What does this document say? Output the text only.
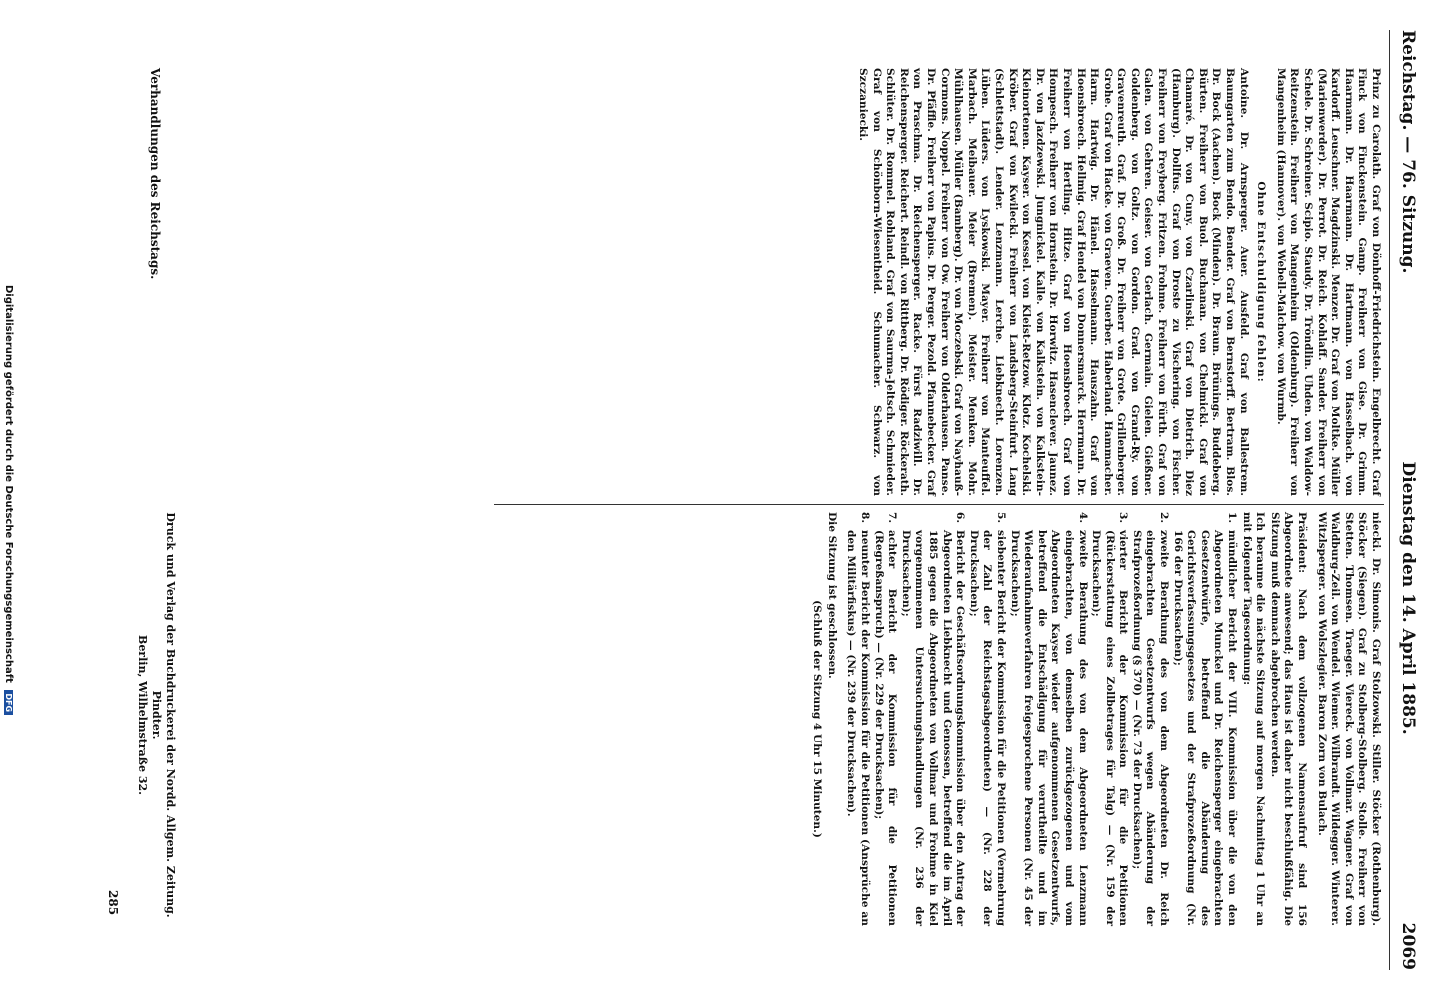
Reichstag. — 76. Sitzung.
Dienstag den 14. April 1885.
2069

Prinz zu Carolath. Graf von Dönhoff-Friedrichstein. Engelbrecht. Graf Finck von Finckenstein. Gamp. Freiherr von Gise. Dr. Grimm. Haarmann. Dr. Haarmann. Dr. Hartmann. von Hasselbach. von Kardorff. Leuschner. Magdzinski. Menzer. Dr. Graf von Moltke. Müller (Marienwerder). Dr. Perrot. Dr. Reich. Kohlaff. Sander. Freiherr von Schele. Dr. Schreiner. Scipio. Staudy. Dr. Tröndlin. Uhden. von Waldow-Reitzenstein. Freiherr von Mangenheim (Oldenburg). Freiherr von Mangenheim (Hannover). von Webell-Malchow. von Wurmb.

Ohne Entschuldigung fehlen:

Antoine. Dr. Arnsperger. Auer. Ausfeld. Graf von Ballestrem. Baumgarten zum Bendo. Bender. Graf von Bernstorff. Bertram. Blos. Dr. Bock (Aachen). Bock (Minden). Dr. Braun. Brünings. Buddeberg. Bürten. Freiherr von Buol. Buchanan. von Chelmicki. Graf von Chamaré. Dr. von Cuny. von Czarlinski. Graf von Dietrich. Diez (Hamburg). Dollfus. Graf von Droste zu Vischering. von Fischer. Freiherr von Freyberg. Fritzen. Frohme. Freiherr von Fürth. Graf von Galen. von Gehren. Geiser. von Gerlach. Germain. Gielen. Gießner. Goldenberg. von Goltz. von Gordon. Grad. von Grand-Ry. von Gravenreuth. Graf. Dr. Groß. Dr. Freiherr von Grote. Grillenberger. Grohe. Graf von Hacke. von Graeven. Guerber. Haberland. Hammacher. Harm. Hartwig. Dr. Hänel. Hasselmann. Hauszahn. Graf von Hoensbroech. Hellmig. Graf Hendel von Donnersmarck. Herrmann. Dr. Freiherr von Hertling. Hitze. Graf von Hoensbroech. Graf von Hompesch. Freiherr von Hornstein. Dr. Horwitz. Hasenclever. Jaunez. Dr. von Jazdzewski. Jungnickel. Kalle. von Kalkstein. von Kalkstein-Kleinortenen. Kayser. von Kessel. von Kleist-Retzow. Klotz. Kochelski. Kröber. Graf von Kwilecki. Freiherr von Landsberg-Steinfurt. Lang (Schlettstadt). Lender. Lenzmann. Lerche. Liebknecht. Lorenzen. Lüben. Lüders. von Lyskowski. Mayer. Freiherr von Manteuffel. Marbach. Meibauer. Meier (Bremen). Meister. Menken. Mohr. Mühlhausen. Müller (Bamberg). Dr. von Moczebski. Graf von Nayhauß-Cormons. Noppel. Freiherr von Ow. Freiherr von Olderhausen. Panse. Dr. Pfäffle. Freiherr von Papius. Dr. Perger. Pezold. Pfannebecker. Graf von Praschma. Dr. Reichensperger. Racke. Fürst Radziwill. Dr. Reichensperger. Reichert. Reindl. von Rittberg. Dr. Rödiger. Röckerath. Schlüter. Dr. Rommel. Rohland. Graf von Saurma-Jeltsch. Schmieder. Graf von Schönborn-Wiesentheid. Schumacher. Schwarz. von Szczaniecki.

niecki. Dr. Simonis. Graf Stolzowski. Stiller. Stöcker (Rothenburg). Stöcker (Siegen). Graf zu Stolberg-Stolberg. Stolle. Freiherr von Stetten. Thomsen. Traeger. Viereck. von Vollmar. Wagner. Graf von Waldburg-Zeil. von Wendel. Wiemer. Wilbrandt. Wildegger. Winterer. Witzlsperger. von Wolszlegier. Baron Zorn von Bulach.

Präsident: Nach dem vollzogenen Namensaufruf sind 156 Abgeordnete anwesend; das Haus ist daher nicht beschlußfähig. Die Sitzung muß demnach abgebrochen werden.

Ich beraume die nächste Sitzung auf morgen Nachmittag 1 Uhr an mit folgender Tagesordnung:

1.
mündlicher Bericht der VIII. Kommission über die von den Abgeordneten Munckel und Dr. Reichensperger eingebrachten Gesetzentwürfe, betreffend die Abänderung des Gerichtsverfassungsgesetzes und der Strafprozeßordnung (Nr. 166 der Drucksachen);
2.
zweite Berathung des von dem Abgeordneten Dr. Reich eingebrachten Gesetzentwurfs wegen Abänderung der Strafprozeßordnung (§ 370) — (Nr. 73 der Drucksachen);
3.
vierter Bericht der Kommission für die Petitionen (Rückerstattung eines Zollbetrages für Talg) — (Nr. 159 der Drucksachen);
4.
zweite Berathung des von dem Abgeordneten Lenzmann eingebrachten, von demselben zurückgezogenen und vom Abgeordneten Kayser wieder aufgenommenen Gesetzentwurfs, betreffend die Entschädigung für verurtheilte und im Wiederaufnahmeverfahren freigesprochene Personen (Nr. 45 der Drucksachen);
5.
siebenter Bericht der Kommission für die Petitionen (Vermehrung der Zahl der Reichstagsabgeordneten) — (Nr. 228 der Drucksachen);
6.
Bericht der Geschäftsordnungskommission über den Antrag der Abgeordneten Liebknecht und Genossen, betreffend die im April 1885 gegen die Abgeordneten von Vollmar und Frohme in Kiel vorgenommenen Untersuchungshandlungen (Nr. 236 der Drucksachen);
7.
achter Bericht der Kommission für die Petitionen (Regreßanspruch) — (Nr. 229 der Drucksachen);
8.
neunter Bericht der Kommission für die Petitionen (Ansprüche an den Militärfiskus) — (Nr. 239 der Drucksachen).

Die Sitzung ist geschlossen.

(Schluß der Sitzung 4 Uhr 15 Minuten.)

Verhandlungen des Reichstags.
Druck und Verlag der Buchdruckerei der Nordd. Allgem. Zeitung. Pindter.
Berlin, Wilhelmstraße 32.
285
Digitalisierung gefördert durch die Deutsche Forschungsgemeinschaft DFG
